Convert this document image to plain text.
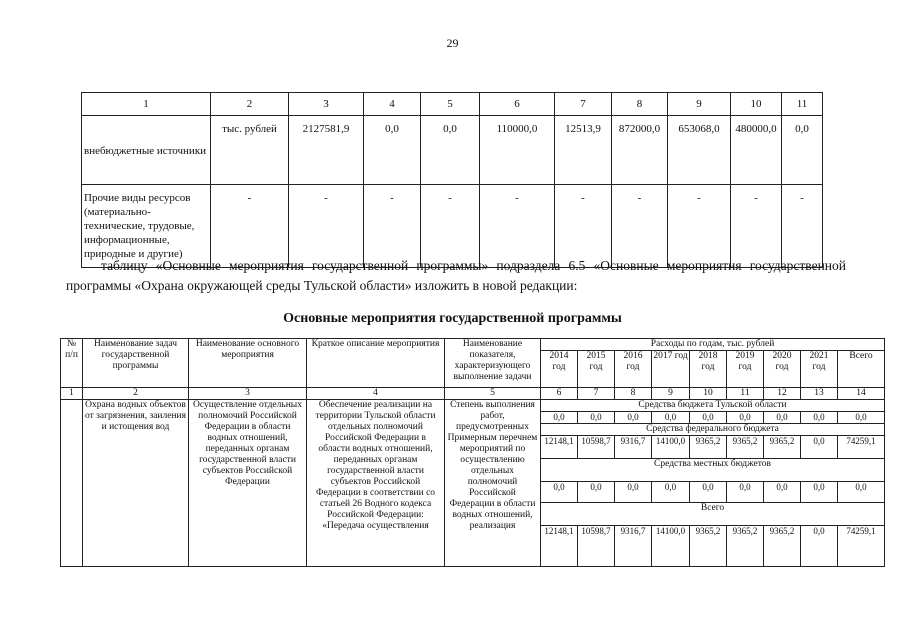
29
1	2	3	4	5	6	7	8	9	10	11
внебюджетные источники	тыс. рублей	2127581,9	0,0	0,0	110000,0	12513,9	872000,0	653068,0	480000,0	0,0
Прочие виды ресурсов (материально-технические, трудовые, информационные, природные и другие)	-	-	-	-	-	-	-	-	-	-
таблицу «Основные мероприятия государственной программы» подраздела 6.5 «Основные мероприятия государственной программы «Охрана окружающей среды Тульской области» изложить в новой редакции:
Основные мероприятия государственной программы
№ п/п	Наименование задач государственной программы	Наименование основного мероприятия	Краткое описание мероприятия	Наименование показателя, характеризующего выполнение задачи	Расходы по годам, тыс. рублей								
					2014 год	2015 год	2016 год	2017 год	2018 год	2019 год	2020 год	2021 год	Всего
1	2	3	4	5	6	7	8	9	10	11	12	13	14
	Охрана водных объектов от загрязнения, заиления и истощения вод	Осуществление отдельных полномочий Российской Федерации в области водных отношений, переданных органам государственной власти субъектов Российской Федерации	Обеспечение реализации на территории Тульской области отдельных полномочий Российской Федерации в области водных отношений, переданных органам государственной власти субъектов Российской Федерации в соответствии со статьей 26 Водного кодекса Российской Федерации: «Передача осуществления	Степень выполнения работ, предусмотренных Примерным перечнем мероприятий по осуществлению отдельных полномочий Российской Федерации в области водных отношений, реализация	Средства бюджета Тульской области								
					0,0	0,0	0,0	0,0	0,0	0,0	0,0	0,0	0,0
					Средства федерального бюджета								
					12148,1	10598,7	9316,7	14100,0	9365,2	9365,2	9365,2	0,0	74259,1
					Средства местных бюджетов								
					0,0	0,0	0,0	0,0	0,0	0,0	0,0	0,0	0,0
					Всего								
					12148,1	10598,7	9316,7	14100,0	9365,2	9365,2	9365,2	0,0	74259,1
